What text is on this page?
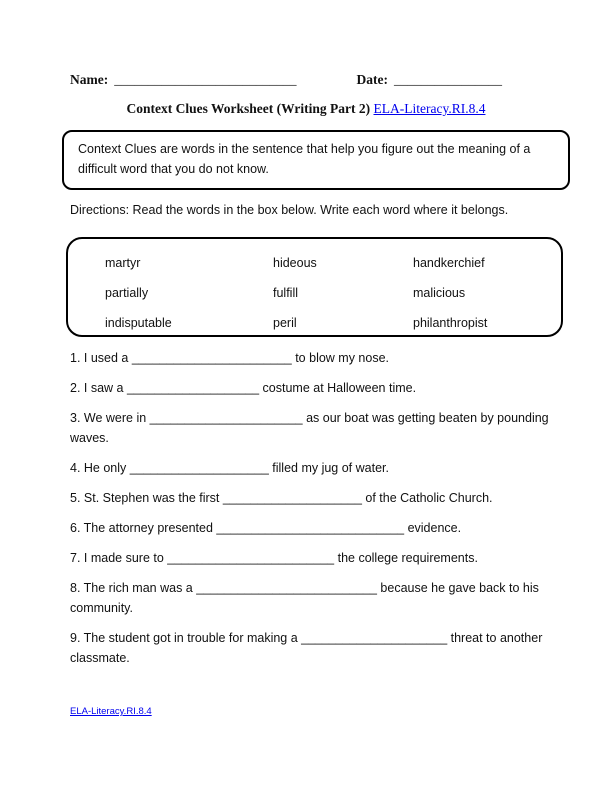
Name: ___________________________	Date: ________________
Context Clues Worksheet (Writing Part 2) ELA-Literacy.RI.8.4
Context Clues are words in the sentence that help you figure out the meaning of a difficult word that you do not know.
Directions: Read the words in the box below. Write each word where it belongs.
martyr	hideous	handkerchief
partially	fulfill	malicious
indisputable	peril	philanthropist

1. I used a _______________________ to blow my nose.

2. I saw a ___________________ costume at Halloween time.

3. We were in ______________________ as our boat was getting beaten by pounding waves.

4. He only ____________________ filled my jug of water.

5. St. Stephen was the first ____________________ of the Catholic Church.

6. The attorney presented ___________________________ evidence.

7. I made sure to ________________________ the college requirements.

8. The rich man was a __________________________ because he gave back to his community.

9. The student got in trouble for making a _____________________ threat to another classmate.

ELA-Literacy.RI.8.4
